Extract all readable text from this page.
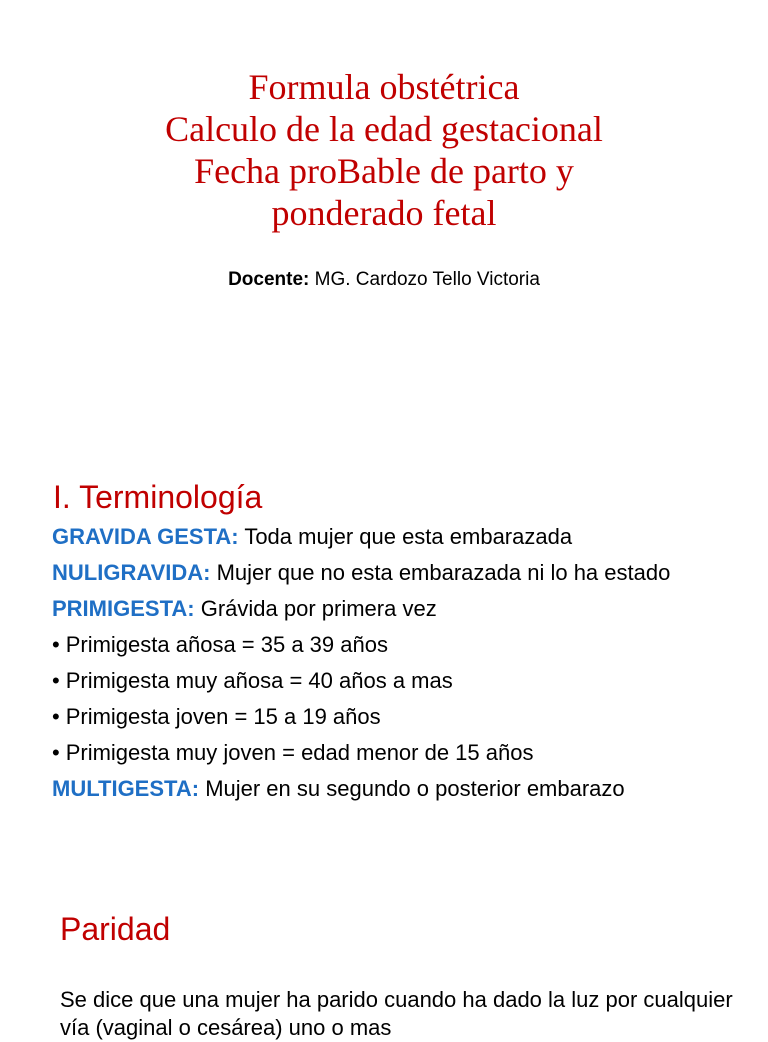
Formula obstétrica
Calculo de la edad gestacional
Fecha proBable de parto y
ponderado fetal
Docente: MG. Cardozo Tello Victoria
I. Terminología
GRAVIDA GESTA: Toda mujer que esta embarazada
NULIGRAVIDA: Mujer que no esta embarazada ni lo ha estado
PRIMIGESTA: Grávida por primera vez
• Primigesta añosa = 35 a 39 años
• Primigesta muy añosa = 40 años a mas
• Primigesta joven = 15 a 19 años
• Primigesta muy joven = edad menor de 15 años
MULTIGESTA: Mujer en su segundo o posterior embarazo
Paridad

Se dice que una mujer ha parido cuando ha dado la luz por cualquier vía (vaginal o cesárea) uno o mas
